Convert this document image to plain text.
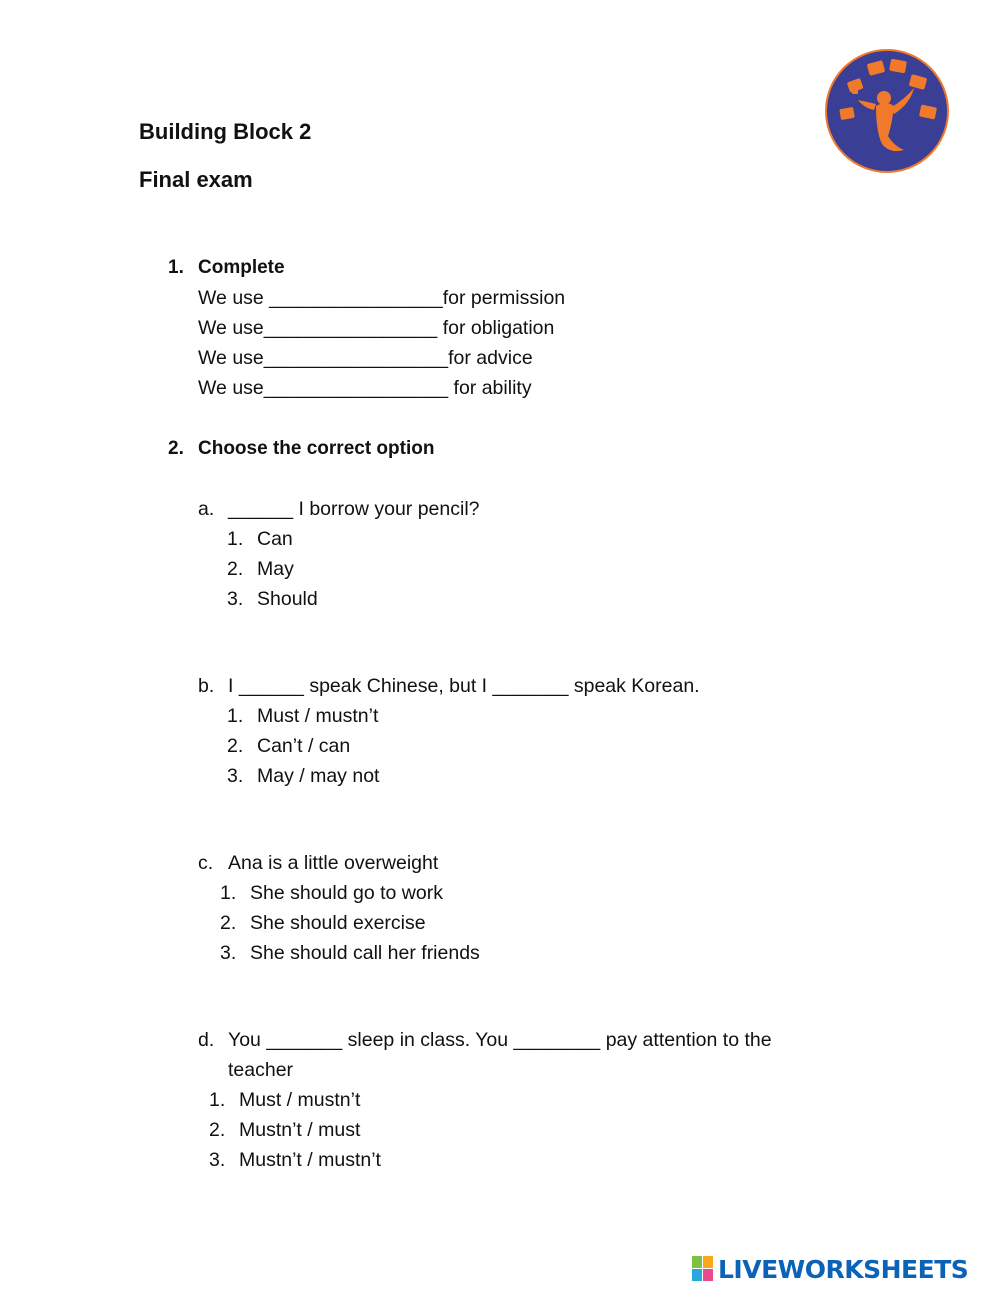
Building Block 2
Final exam
1. Complete
We use ________________for permission
We use________________ for obligation
We use_________________for advice
We use_________________ for ability
2. Choose the correct option
a. ______ I borrow your pencil?
1. Can
2. May
3. Should
b. I ______ speak Chinese, but I _______ speak Korean.
1. Must / mustn’t
2. Can’t / can
3. May / may not
c. Ana is a little overweight
1. She should go to work
2. She should exercise
3. She should call her friends
d. You _______ sleep in class. You ________ pay attention to the
teacher
1. Must / mustn’t
2. Mustn’t / must
3. Mustn’t / mustn’t
LIVEWORKSHEETS
